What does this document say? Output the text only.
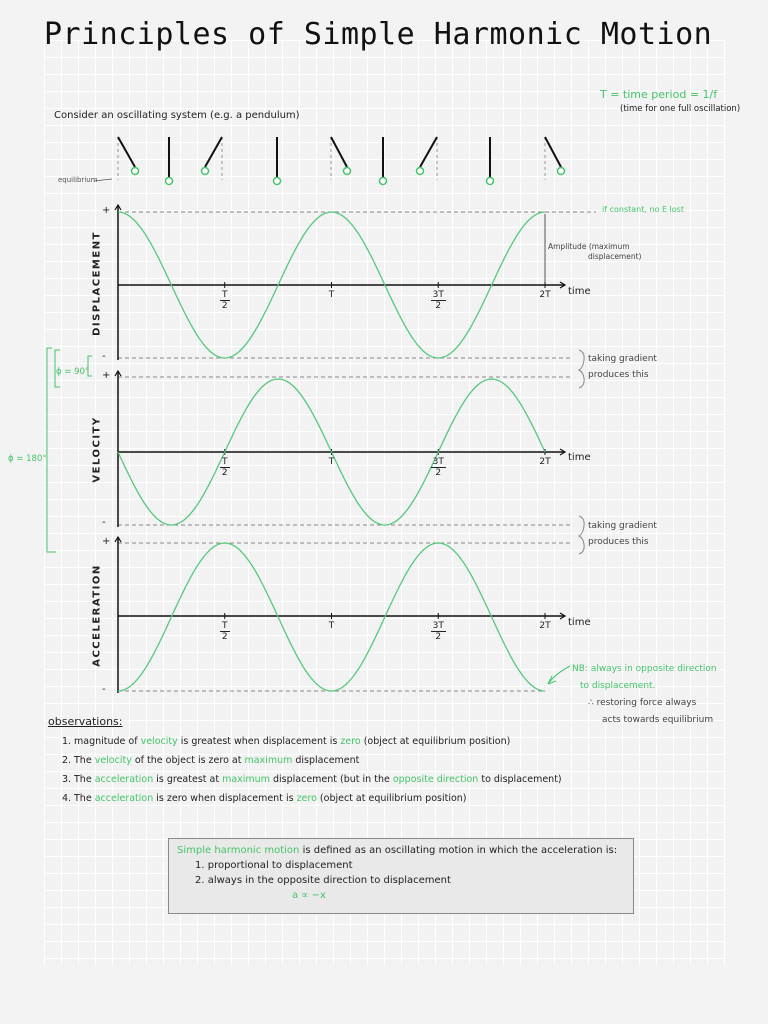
Principles of Simple Harmonic Motion
T = time period = 1/f
(time for one full oscillation)
Consider an oscillating system (e.g. a pendulum)
equilibrium
if constant, no E lost
Amplitude (maximum
displacement)
DISPLACEMENT
VELOCITY
ACCELERATION
+
-
+
-
+
-
T
2
T	3T
2
2T
T
2
T	3T
2
2T
T
2
T	3T
2
2T
time
time
time
taking gradient
produces this
taking gradient
produces this
ϕ = 90°
ϕ = 180°
NB: always in opposite direction
to displacement.
∴ restoring force always
acts towards equilibrium

observations:

1. magnitude of velocity is greatest when displacement is zero (object at equilibrium position)
2. The velocity of the object is zero at maximum displacement
3. The acceleration is greatest at maximum displacement (but in the opposite direction to displacement)
4. The acceleration is zero when displacement is zero (object at equilibrium position)

Simple harmonic motion is defined as an oscillating motion in which the acceleration is:

1. proportional to displacement

2. always in the opposite direction to displacement

a ∝ −x
